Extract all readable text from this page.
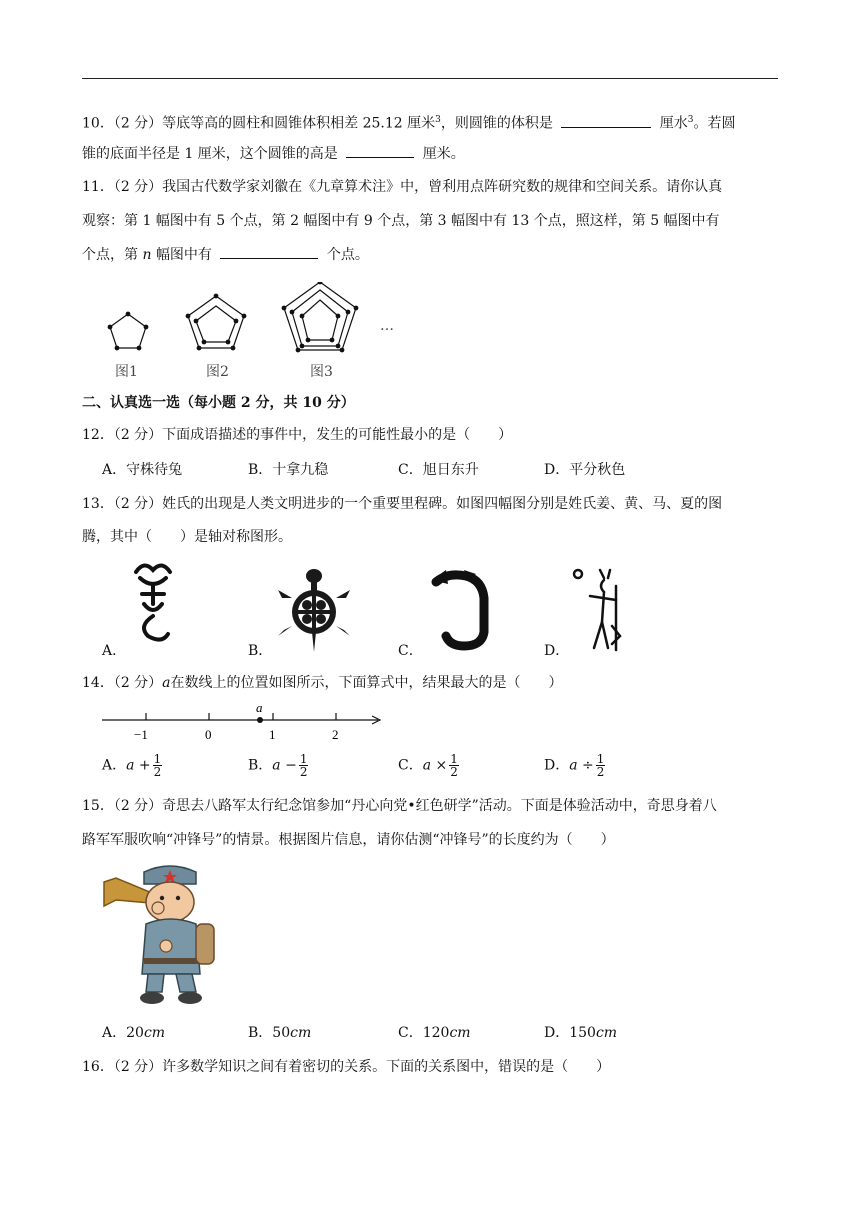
10．（2 分）等底等高的圆柱和圆锥体积相差 25.12 厘米$^3$，则圆锥的体积是	厘水$^3$。若圆
锥的底面半径是 1 厘米，这个圆锥的高是	厘米。
11．（2 分）我国古代数学家刘徽在《九章算术注》中，曾利用点阵研究数的规律和空间关系。请你认真
观察：第 1 幅图中有 5 个点，第 2 幅图中有 9 个点，第 3 幅图中有 13 个点，照这样，第 5 幅图中有
个点，第 n 幅图中有	个点。
…
图1	图2	图3
二、认真选一选（每小题 2 分，共 10 分）
12．（2 分）下面成语描述的事件中，发生的可能性最小的是（　　）
A．守株待兔	B．十拿九稳	C．旭日东升	D．平分秋色
13．（2 分）姓氏的出现是人类文明进步的一个重要里程碑。如图四幅图分别是姓氏姜、黄、马、夏的图
腾，其中（　　）是轴对称图形。
A．	B．	C．	D．
14．（2 分）a在数线上的位置如图所示，下面算式中，结果最大的是（　　）
a
−1	0	1	2
A．$a + \frac{1}{2}$	B．$a - \frac{1}{2}$	C．$a \times \frac{1}{2}$	D．$a \div \frac{1}{2}$
15．（2 分）奇思去八路军太行纪念馆参加“丹心向党•红色研学”活动。下面是体验活动中，奇思身着八
路军军服吹响“冲锋号”的情景。根据图片信息，请你估测“冲锋号”的长度约为（　　）
A．20cm	B．50cm	C．120cm	D．150cm
16．（2 分）许多数学知识之间有着密切的关系。下面的关系图中，错误的是（　　）
